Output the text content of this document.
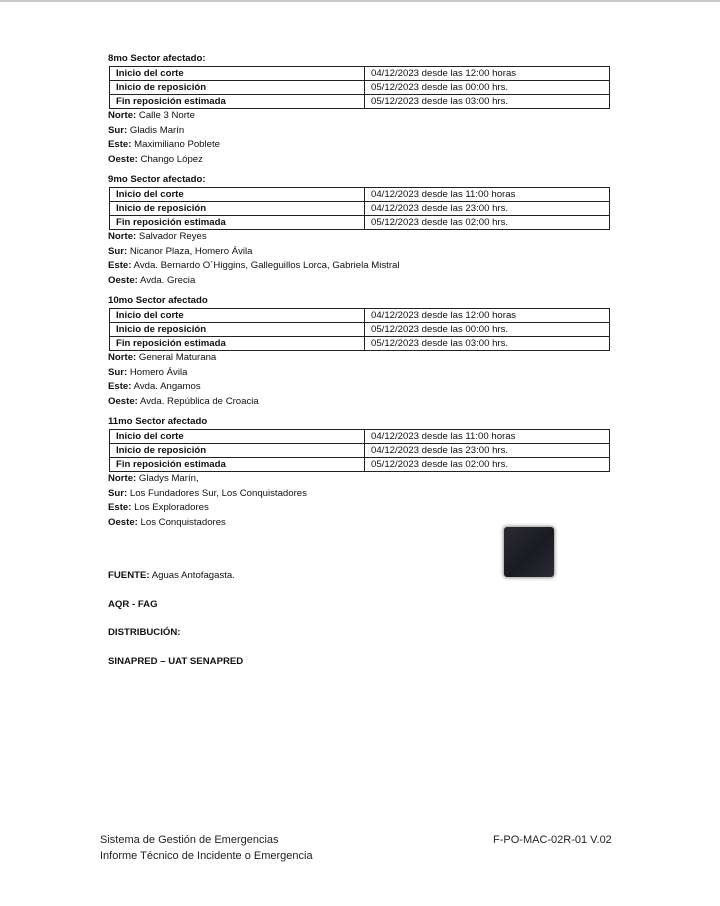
8mo Sector afectado:
Inicio del corte	04/12/2023 desde las 12:00 horas
Inicio de reposición	05/12/2023 desde las 00:00 hrs.
Fin reposición estimada	05/12/2023 desde las 03:00 hrs.
Norte: Calle 3 Norte
Sur: Gladis Marín
Este: Maximiliano Poblete
Oeste: Chango López
9mo Sector afectado:
Inicio del corte	04/12/2023 desde las 11:00 horas
Inicio de reposición	04/12/2023 desde las 23:00 hrs.
Fin reposición estimada	05/12/2023 desde las 02:00 hrs.
Norte: Salvador Reyes
Sur: Nicanor Plaza, Homero Ávila
Este: Avda. Bernardo O´Higgins, Galleguillos Lorca, Gabriela Mistral
Oeste: Avda. Grecia
10mo Sector afectado
Inicio del corte	04/12/2023 desde las 12:00 horas
Inicio de reposición	05/12/2023 desde las 00:00 hrs.
Fin reposición estimada	05/12/2023 desde las 03:00 hrs.
Norte: General Maturana
Sur: Homero Ávila
Este: Avda. Angamos
Oeste: Avda. República de Croacia
11mo Sector afectado
Inicio del corte	04/12/2023 desde las 11:00 horas
Inicio de reposición	04/12/2023 desde las 23:00 hrs.
Fin reposición estimada	05/12/2023 desde las 02:00 hrs.
Norte: Gladys Marín,
Sur: Los Fundadores Sur, Los Conquistadores
Este: Los Exploradores
Oeste: Los Conquistadores
FUENTE: Aguas Antofagasta.
AQR - FAG
DISTRIBUCIÓN:
SINAPRED – UAT SENAPRED
Sistema de Gestión de Emergencias
Informe Técnico de Incidente o Emergencia
F-PO-MAC-02R-01 V.02
